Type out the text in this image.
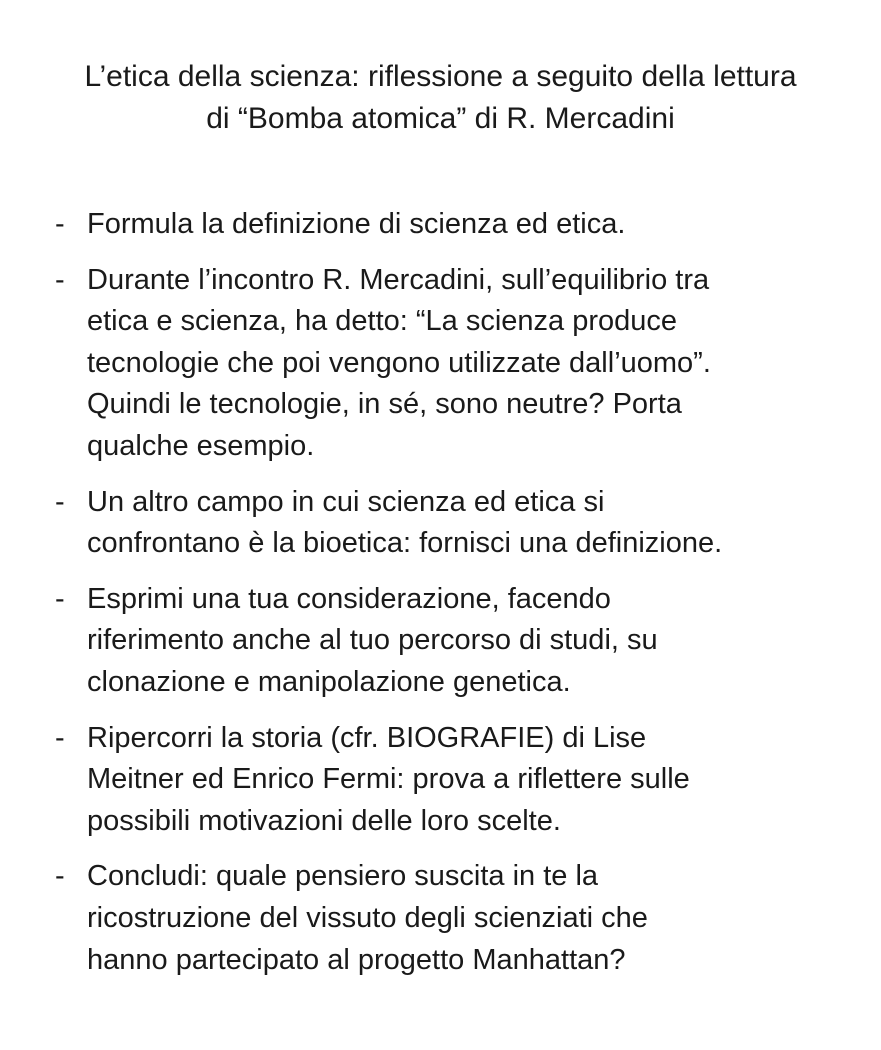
L’etica della scienza: riflessione a seguito della lettura
di “Bomba atomica” di R. Mercadini
- Formula la definizione di scienza ed etica.
- Durante l’incontro R. Mercadini, sull’equilibrio tra
etica e scienza, ha detto: “La scienza produce
tecnologie che poi vengono utilizzate dall’uomo”.
Quindi le tecnologie, in sé, sono neutre? Porta
qualche esempio.
- Un altro campo in cui scienza ed etica si
confrontano è la bioetica: fornisci una definizione.
- Esprimi una tua considerazione, facendo
riferimento anche al tuo percorso di studi, su
clonazione e manipolazione genetica.
- Ripercorri la storia (cfr. BIOGRAFIE) di Lise
Meitner ed Enrico Fermi: prova a riflettere sulle
possibili motivazioni delle loro scelte.
- Concludi: quale pensiero suscita in te la
ricostruzione del vissuto degli scienziati che
hanno partecipato al progetto Manhattan?
